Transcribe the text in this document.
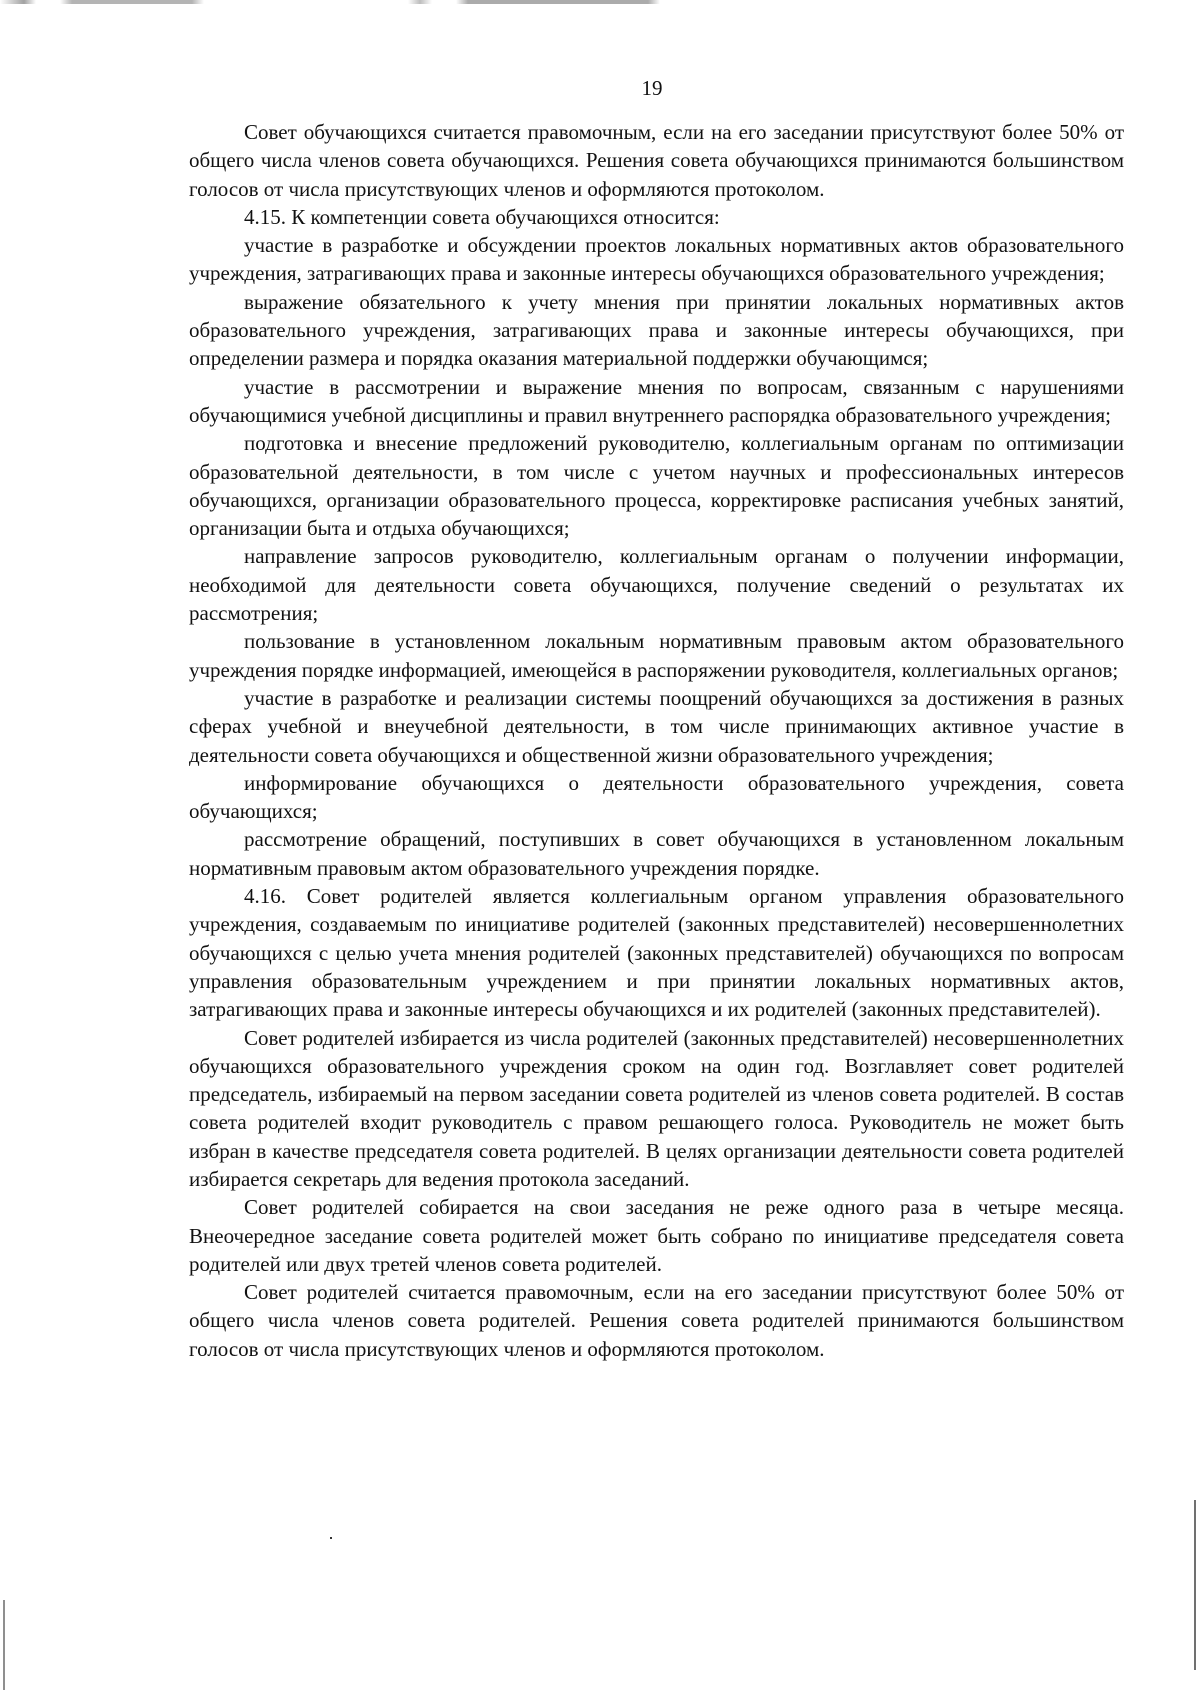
19

Совет обучающихся считается правомочным, если на его заседании присутствуют более 50% от общего числа членов совета обучающихся. Решения совета обучающихся принимаются большинством голосов от числа присутствующих членов и оформляются протоколом.

4.15. К компетенции совета обучающихся относится:

участие в разработке и обсуждении проектов локальных нормативных актов образовательного учреждения, затрагивающих права и законные интересы обучающихся образовательного учреждения;

выражение обязательного к учету мнения при принятии локальных нормативных актов образовательного учреждения, затрагивающих права и законные интересы обучающихся, при определении размера и порядка оказания материальной поддержки обучающимся;

участие в рассмотрении и выражение мнения по вопросам, связанным с нарушениями обучающимися учебной дисциплины и правил внутреннего распорядка образовательного учреждения;

подготовка и внесение предложений руководителю, коллегиальным органам по оптимизации образовательной деятельности, в том числе с учетом научных и профессиональных интересов обучающихся, организации образовательного процесса, корректировке расписания учебных занятий, организации быта и отдыха обучающихся;

направление запросов руководителю, коллегиальным органам о получении информации, необходимой для деятельности совета обучающихся, получение сведений о результатах их рассмотрения;

пользование в установленном локальным нормативным правовым актом образовательного учреждения порядке информацией, имеющейся в распоряжении руководителя, коллегиальных органов;

участие в разработке и реализации системы поощрений обучающихся за достижения в разных сферах учебной и внеучебной деятельности, в том числе принимающих активное участие в деятельности совета обучающихся и общественной жизни образовательного учреждения;

информирование обучающихся о деятельности образовательного учреждения, совета обучающихся;

рассмотрение обращений, поступивших в совет обучающихся в установленном локальным нормативным правовым актом образовательного учреждения порядке.

4.16. Совет родителей является коллегиальным органом управления образовательного учреждения, создаваемым по инициативе родителей (законных представителей) несовершеннолетних обучающихся с целью учета мнения родителей (законных представителей) обучающихся по вопросам управления образовательным учреждением и при принятии локальных нормативных актов, затрагивающих права и законные интересы обучающихся и их родителей (законных представителей).

Совет родителей избирается из числа родителей (законных представителей) несовершеннолетних обучающихся образовательного учреждения сроком на один год. Возглавляет совет родителей председатель, избираемый на первом заседании совета родителей из членов совета родителей. В состав совета родителей входит руководитель с правом решающего голоса. Руководитель не может быть избран в качестве председателя совета родителей. В целях организации деятельности совета родителей избирается секретарь для ведения протокола заседаний.

Совет родителей собирается на свои заседания не реже одного раза в четыре месяца. Внеочередное заседание совета родителей может быть собрано по инициативе председателя совета родителей или двух третей членов совета родителей.

Совет родителей считается правомочным, если на его заседании присутствуют более 50% от общего числа членов совета родителей. Решения совета родителей принимаются большинством голосов от числа присутствующих членов и оформляются протоколом.
